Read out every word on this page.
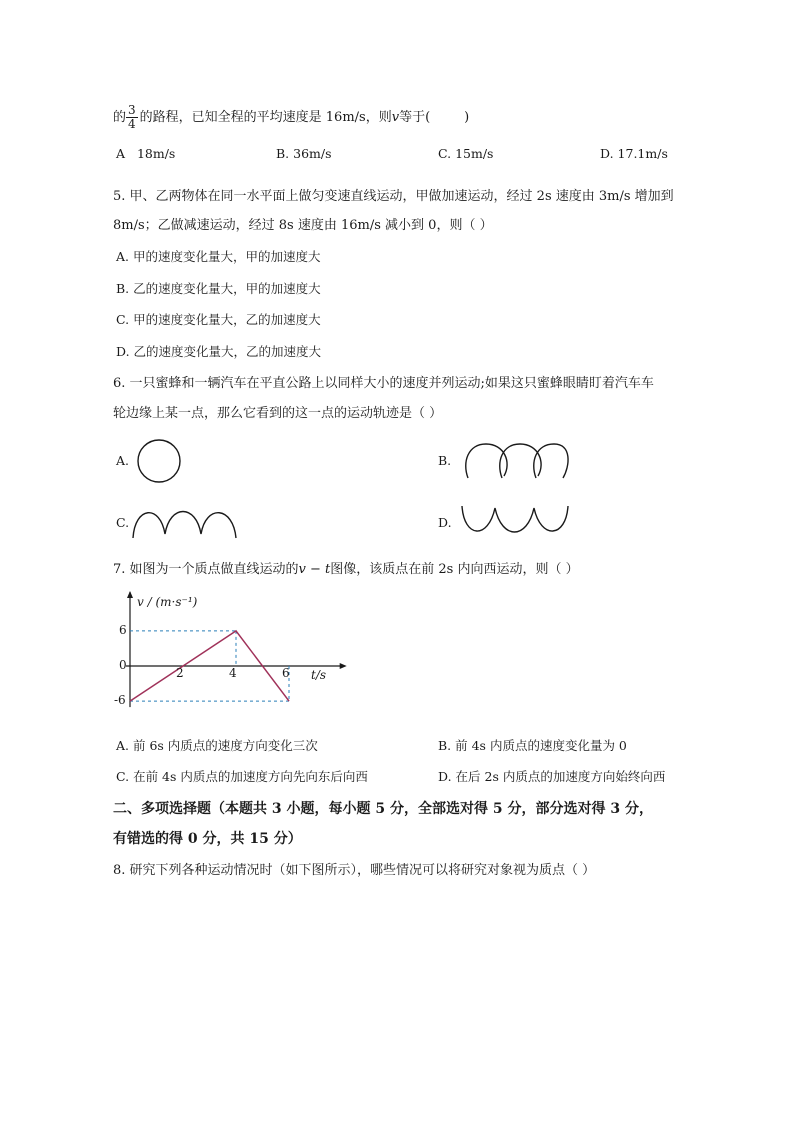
的 $\frac{3}{4}$ 的路程，已知全程的平均速度是 16m/s，则v等于(	)
A 18m/s	B. 36m/s	C. 15m/s	D. 17.1m/s
5. 甲、乙两物体在同一水平面上做匀变速直线运动，甲做加速运动，经过 2s 速度由 3m/s 增加到
8m/s；乙做减速运动，经过 8s 速度由 16m/s 减小到 0，则（ ）
A. 甲的速度变化量大，甲的加速度大
B. 乙的速度变化量大，甲的加速度大
C. 甲的速度变化量大，乙的加速度大
D. 乙的速度变化量大，乙的加速度大
6. 一只蜜蜂和一辆汽车在平直公路上以同样大小的速度并列运动;如果这只蜜蜂眼睛盯着汽车车
轮边缘上某一点，那么它看到的这一点的运动轨迹是（ ）
A.	B.
C.	D.
7. 如图为一个质点做直线运动的v − t图像，该质点在前 2s 内向西运动，则（ ）
v / (m·s⁻¹)
t/s
6
0
-6
2	4	6
A. 前 6s 内质点的速度方向变化三次	B. 前 4s 内质点的速度变化量为 0
C. 在前 4s 内质点的加速度方向先向东后向西	D. 在后 2s 内质点的加速度方向始终向西
二、多项选择题（本题共 3 小题，每小题 5 分，全部选对得 5 分，部分选对得 3 分，
有错选的得 0 分，共 15 分）
8. 研究下列各种运动情况时（如下图所示），哪些情况可以将研究对象视为质点（ ）
